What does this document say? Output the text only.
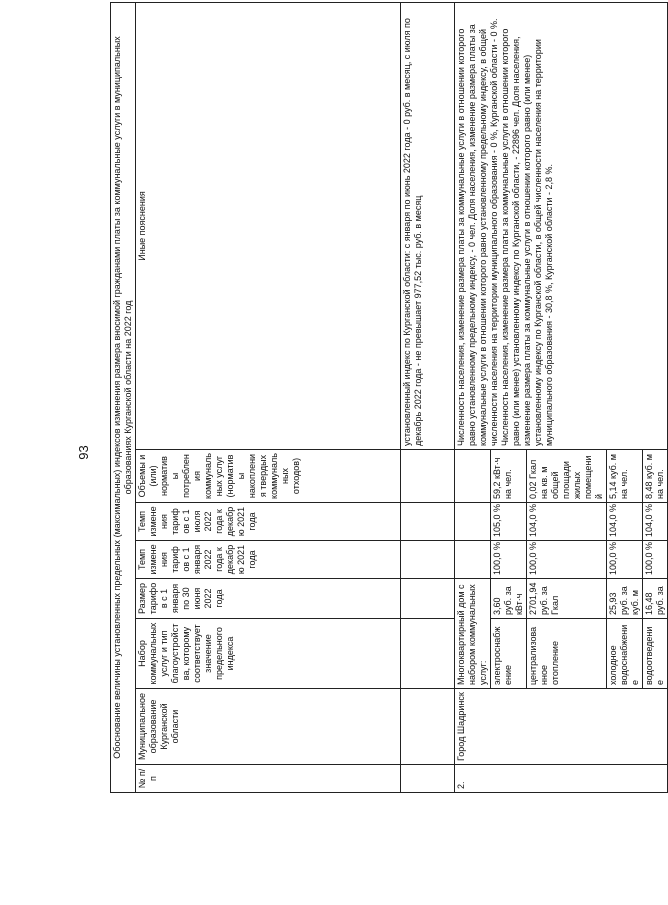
93 Обоснование величины установленных предельных (максимальных) индексов изменения размера вносимой гражданами платы за коммунальные услуги в муниципальных образованиях Курганской области на 2022 год							
№ п/п	Муниципальное образование Курганской области	Набор коммунальных услуг и тип благоустройства, которому соответствует значение предельного индекса	Размер тарифов с 1 января по 30 июня 2022 года	Темп изменения тарифов с 1 января 2022 года к декабрю 2021 года	Темп изменения тарифов с 1 июля 2022 года к декабрю 2021 года	Объемы и (или) нормативы потребления коммунальных услуг (нормативы накопления твердых коммунальных отходов)	Иные пояснения
							установленный индекс по Курганской области: с января по июнь 2022 года - 0 руб. в месяц, с июля по декабрь 2022 года - не превышает 977,52 тыс. руб. в месяц
2.	Город Шадринск	Многоквартирный дом с набором коммунальных услуг:					Численность населения, изменение размера платы за коммунальные услуги в отношении которого равно установленному предельному индексу, - 0 чел. Доля населения, изменение размера платы за коммунальные услуги в отношении которого равно установленному предельному индексу, в общей численности населения на территории муниципального образования - 0 %, Курганской области - 0 %. Численность населения, изменение размера платы за коммунальные услуги в отношении которого равно (или менее) установленному индексу по Курганской области, - 22896 чел. Доля населения, изменение размера платы за коммунальные услуги в отношении которого равно (или менее) установленному индексу по Курганской области, в общей численности населения на территории муниципального образования - 30,8 %, Курганской области - 2,8 %.
		электроснабжение	3,60 руб. за кВт·ч	100,0 %	105,0 %	59,2 кВт·ч на чел.	
		централизованное отопление	2701,94 руб. за Гкал	100,0 %	104,0 %	0,02 Гкал на кв. м общей площади жилых помещений	
		холодное водоснабжение	25,93 руб. за куб. м	100,0 %	104,0 %	5,14 куб. м на чел.	
		водоотведение	16,48 руб. за	100,0 %	104,0 %	8,48 куб. м на чел.	
